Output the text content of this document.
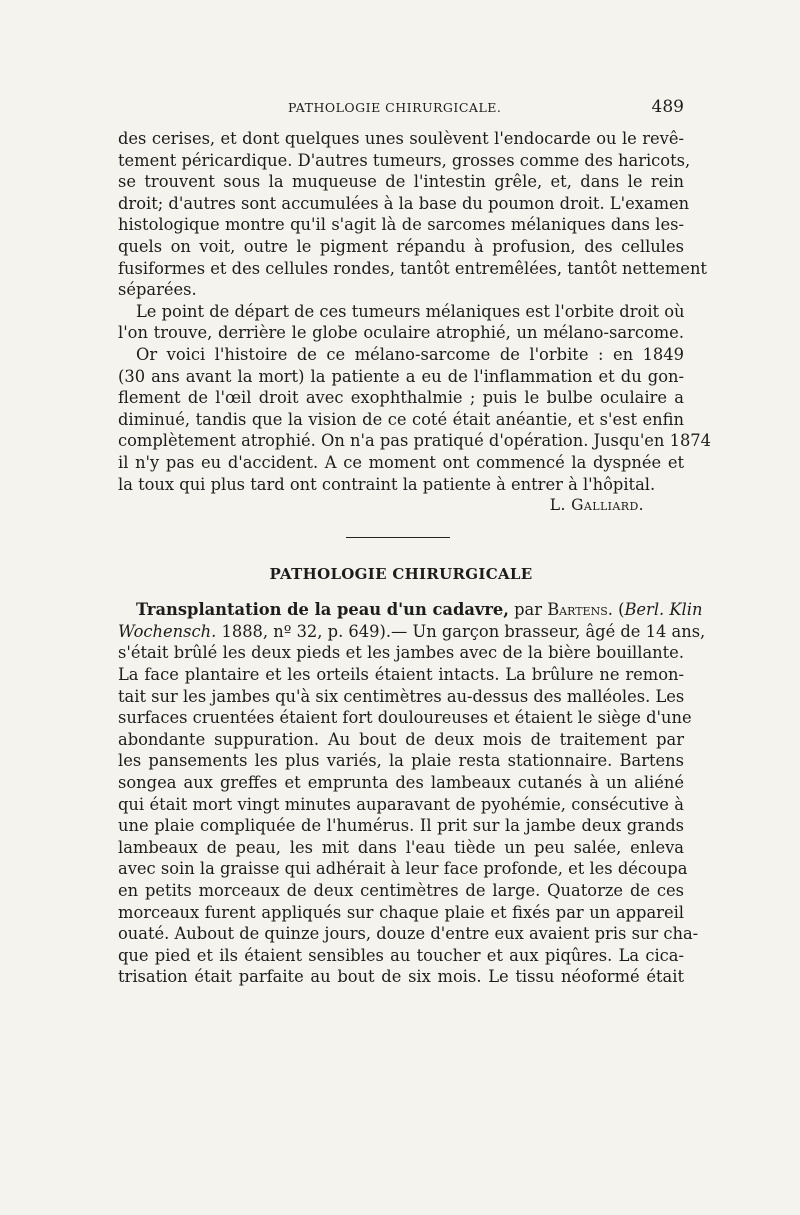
PATHOLOGIE CHIRURGICALE.	489
des cerises, et dont quelques unes soulèvent l'endocarde ou le revê-
tement péricardique. D'autres tumeurs, grosses comme des haricots,
se trouvent sous la muqueuse de l'intestin grêle, et, dans le rein
droit; d'autres sont accumulées à la base du poumon droit. L'examen
histologique montre qu'il s'agit là de sarcomes mélaniques dans les-
quels on voit, outre le pigment répandu à profusion, des cellules
fusiformes et des cellules rondes, tantôt entremêlées, tantôt nettement
séparées.
Le point de départ de ces tumeurs mélaniques est l'orbite droit où
l'on trouve, derrière le globe oculaire atrophié, un mélano-sarcome.
Or voici l'histoire de ce mélano-sarcome de l'orbite : en 1849
(30 ans avant la mort) la patiente a eu de l'inflammation et du gon-
flement de l'œil droit avec exophthalmie ; puis le bulbe oculaire a
diminué, tandis que la vision de ce coté était anéantie, et s'est enfin
complètement atrophié. On n'a pas pratiqué d'opération. Jusqu'en 1874
il n'y pas eu d'accident. A ce moment ont commencé la dyspnée et
la toux qui plus tard ont contraint la patiente à entrer à l'hôpital.
L. Galliard.
PATHOLOGIE CHIRURGICALE
Transplantation de la peau d'un cadavre, par Bartens. (Berl. Klin
Wochensch. 1888, nº 32, p. 649).— Un garçon brasseur, âgé de 14 ans,
s'était brûlé les deux pieds et les jambes avec de la bière bouillante.
La face plantaire et les orteils étaient intacts. La brûlure ne remon-
tait sur les jambes qu'à six centimètres au-dessus des malléoles. Les
surfaces cruentées étaient fort douloureuses et étaient le siège d'une
abondante suppuration. Au bout de deux mois de traitement par
les pansements les plus variés, la plaie resta stationnaire. Bartens
songea aux greffes et emprunta des lambeaux cutanés à un aliéné
qui était mort vingt minutes auparavant de pyohémie, consécutive à
une plaie compliquée de l'humérus. Il prit sur la jambe deux grands
lambeaux de peau, les mit dans l'eau tiède un peu salée, enleva
avec soin la graisse qui adhérait à leur face profonde, et les découpa
en petits morceaux de deux centimètres de large. Quatorze de ces
morceaux furent appliqués sur chaque plaie et fixés par un appareil
ouaté. Aubout de quinze jours, douze d'entre eux avaient pris sur cha-
que pied et ils étaient sensibles au toucher et aux piqûres. La cica-
trisation était parfaite au bout de six mois. Le tissu néoformé était
